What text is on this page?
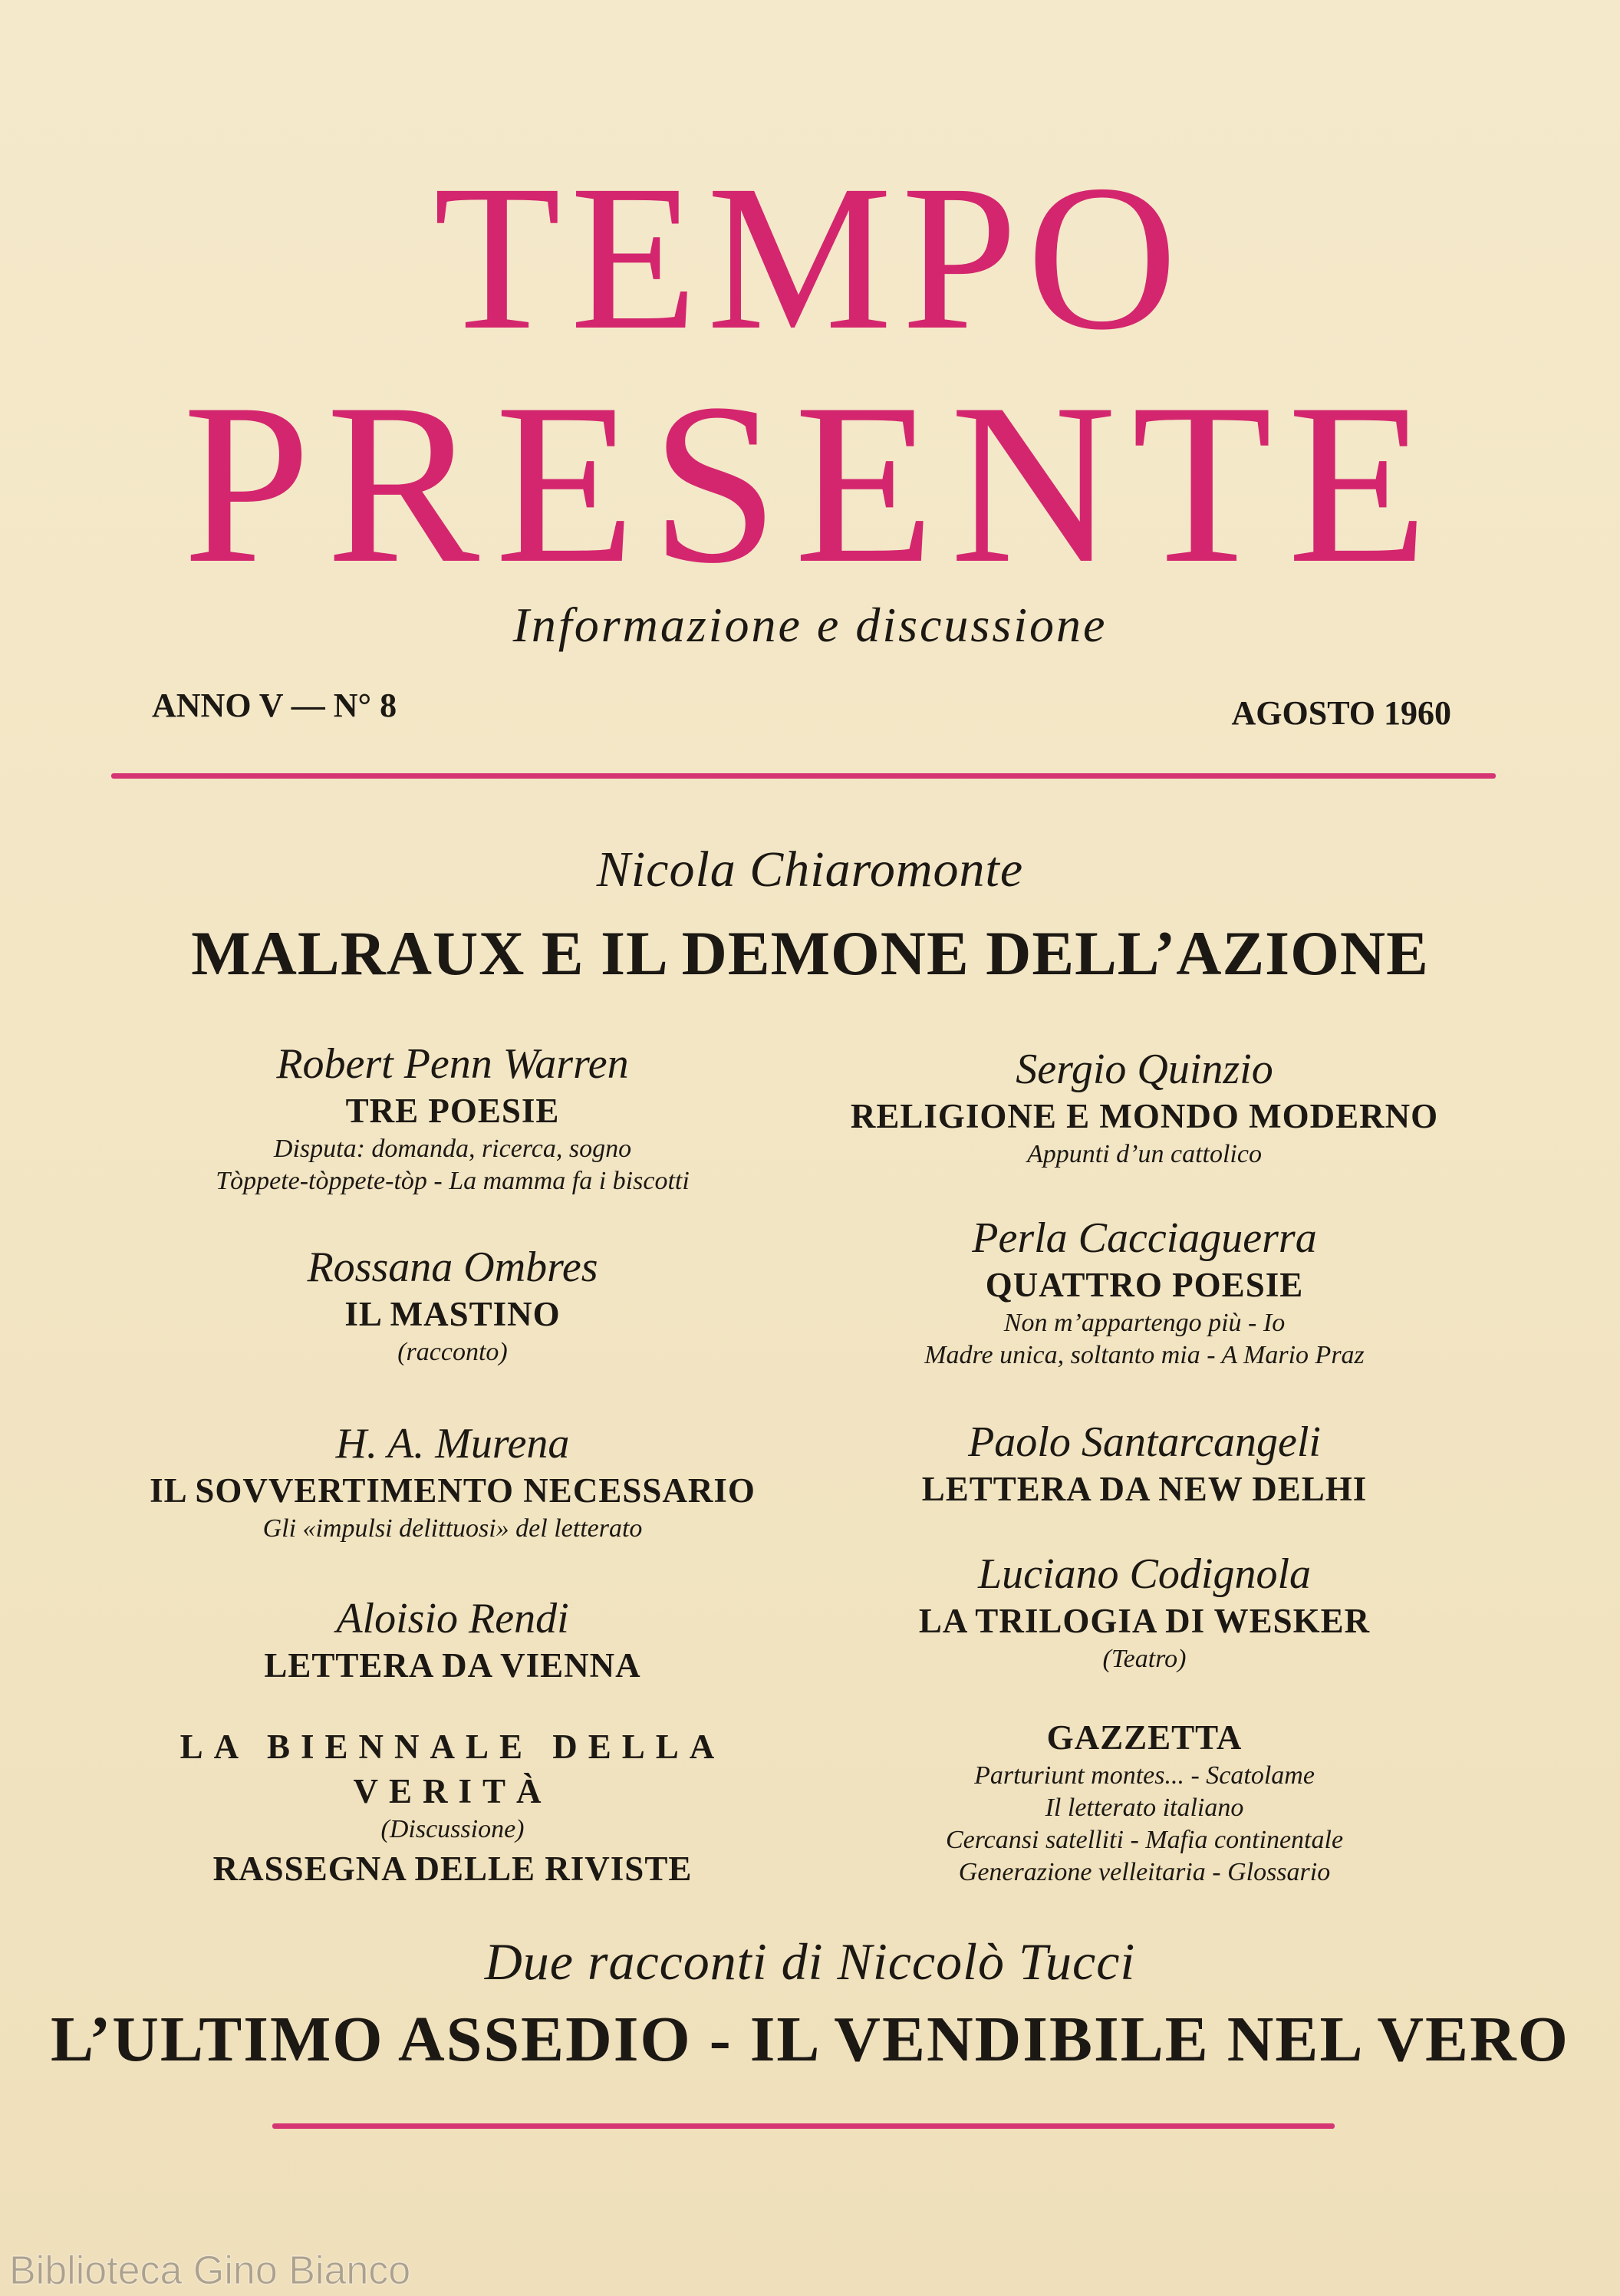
TEMPO
PRESENTE
Informazione e discussione
ANNO V — N° 8	AGOSTO 1960
Nicola Chiaromonte
MALRAUX E IL DEMONE DELL’AZIONE
Robert Penn Warren
TRE POESIE
Disputa: domanda, ricerca, sogno
Tòppete-tòppete-tòp - La mamma fa i biscotti
Rossana Ombres
IL MASTINO
(racconto)
H. A. Murena
IL SOVVERTIMENTO NECESSARIO
Gli «impulsi delittuosi» del letterato
Aloisio Rendi
LETTERA DA VIENNA
LA BIENNALE DELLA VERITÀ
(Discussione)
RASSEGNA DELLE RIVISTE
Sergio Quinzio
RELIGIONE E MONDO MODERNO
Appunti d’un cattolico
Perla Cacciaguerra
QUATTRO POESIE
Non m’appartengo più - Io
Madre unica, soltanto mia - A Mario Praz
Paolo Santarcangeli
LETTERA DA NEW DELHI
Luciano Codignola
LA TRILOGIA DI WESKER
(Teatro)
GAZZETTA
Parturiunt montes... - Scatolame
Il letterato italiano
Cercansi satelliti - Mafia continentale
Generazione velleitaria - Glossario
Due racconti di Niccolò Tucci
L’ULTIMO ASSEDIO - IL VENDIBILE NEL VERO
Biblioteca Gino Bianco
